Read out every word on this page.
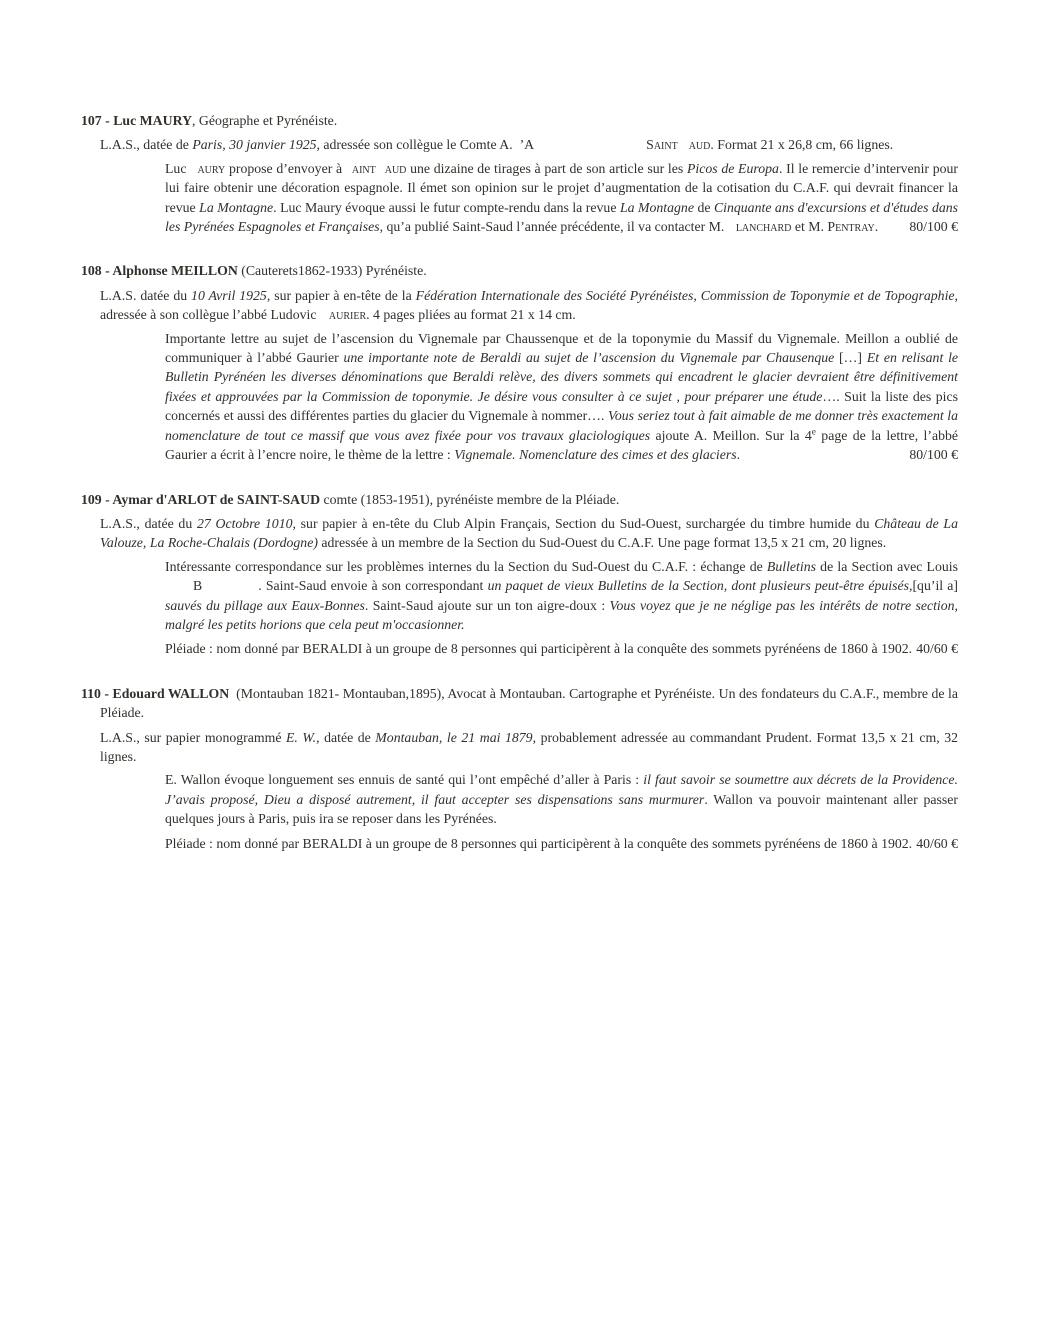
107 - Luc MAURY, Géographe et Pyrénéiste.

L.A.S., datée de Paris, 30 janvier 1925, adressée son collègue le Comte A.  ’A	Saint aud. Format 21 x 26,8 cm, 66 lignes.

Luc aury propose d’envoyer à aint aud une dizaine de tirages à part de son article sur les Picos de Europa. Il le remercie d’intervenir pour lui faire obtenir une décoration espagnole. Il émet son opinion sur le projet d’augmentation de la cotisation du C.A.F. qui devrait financer la revue La Montagne. Luc Maury évoque aussi le futur compte-rendu dans la revue La Montagne de Cinquante ans d'excursions et d'études dans les Pyrénées Espagnoles et Françaises, qu’a publié Saint-Saud l’année précédente, il va contacter M. lanchard et M. Pentray. 80/100 €

108 - Alphonse MEILLON (Cauterets1862-1933) Pyrénéiste.

L.A.S. datée du 10 Avril 1925, sur papier à en-tête de la Fédération Internationale des Société Pyrénéistes, Commission de Toponymie et de Topographie, adressée à son collègue l’abbé Ludovic aurier. 4 pages pliées au format 21 x 14 cm.

Importante lettre au sujet de l’ascension du Vignemale par Chaussenque et de la toponymie du Massif du Vignemale. Meillon a oublié de communiquer à l’abbé Gaurier une importante note de Beraldi au sujet de l’ascension du Vignemale par Chausenque […] Et en relisant le Bulletin Pyrénéen les diverses dénominations que Beraldi relève, des divers sommets qui encadrent le glacier devraient être définitivement fixées et approuvées par la Commission de toponymie. Je désire vous consulter à ce sujet , pour préparer une étude…. Suit la liste des pics concernés et aussi des différentes parties du glacier du Vignemale à nommer…. Vous seriez tout à fait aimable de me donner très exactement la nomenclature de tout ce massif que vous avez fixée pour vos travaux glaciologiques ajoute A. Meillon. Sur la 4e page de la lettre, l’abbé Gaurier a écrit à l’encre noire, le thème de la lettre : Vignemale. Nomenclature des cimes et des glaciers.	80/100 €

109 - Aymar d'ARLOT de SAINT-SAUD comte (1853-1951), pyrénéiste membre de la Pléiade.

L.A.S., datée du 27 Octobre 1010, sur papier à en-tête du Club Alpin Français, Section du Sud-Ouest, surchargée du timbre humide du Château de La Valouze, La Roche-Chalais (Dordogne) adressée à un membre de la Section du Sud-Ouest du C.A.F. Une page format 13,5 x 21 cm, 20 lignes.

Intéressante correspondance sur les problèmes internes du la Section du Sud-Ouest du C.A.F. : échange de Bulletins de la Section avec LouisB	. Saint-Saud envoie à son correspondant un paquet de vieux Bulletins de la Section, dont plusieurs peut-être épuisés,[qu’il a] sauvés du pillage aux Eaux-Bonnes. Saint-Saud ajoute sur un ton aigre-doux : Vous voyez que je ne néglige pas les intérêts de notre section, malgré les petits horions que cela peut m'occasionner.

Pléiade : nom donné par BERALDI à un groupe de 8 personnes qui participèrent à la conquête des sommets pyrénéens de 1860 à 1902. 40/60 €

110 - Edouard WALLON  (Montauban 1821- Montauban,1895), Avocat à Montauban. Cartographe et Pyrénéiste. Un des fondateurs du C.A.F., membre de la Pléiade.

L.A.S., sur papier monogrammé E. W., datée de Montauban, le 21 mai 1879, probablement adressée au commandant Prudent. Format 13,5 x 21 cm, 32 lignes.

E. Wallon évoque longuement ses ennuis de santé qui l’ont empêché d’aller à Paris : il faut savoir se soumettre aux décrets de la Providence. J’avais proposé, Dieu a disposé autrement, il faut accepter ses dispensations sans murmurer. Wallon va pouvoir maintenant aller passer quelques jours à Paris, puis ira se reposer dans les Pyrénées.

Pléiade : nom donné par BERALDI à un groupe de 8 personnes qui participèrent à la conquête des sommets pyrénéens de 1860 à 1902. 40/60 €
